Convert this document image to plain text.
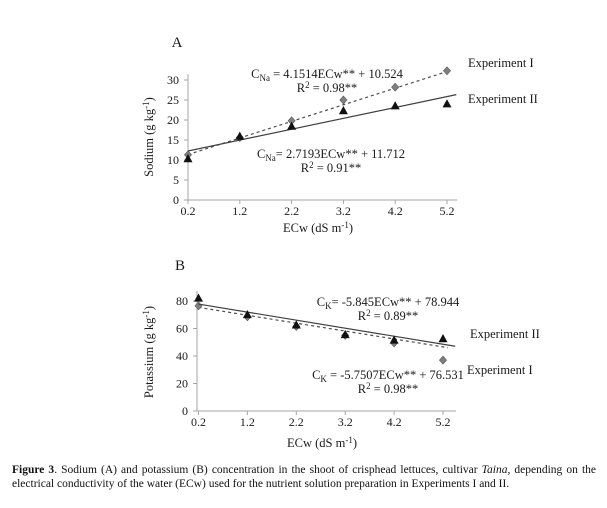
0
5
10
15
20
25
30
0.2	1.2	2.2	3.2	4.2	5.2
ECw (dS $m^{-1}$)
Sodium (g $kg^{-1}$)
A
$C_{Na} = 4.1514ECw** + 10.524$
$R^2 = 0.98**$
Experiment I
$C_{Na}= 2.7193ECw** + 11.712$
$R^2 = 0.91**$
Experiment II
0
20
40
60
80
0.2	1.2	2.2	3.2	4.2	5.2
ECw (dS $m^{-1}$)
Potassium (g $kg^{-1}$)
B
$C_K = -5.7507ECw** + 76.531$
$R^2 = 0.98**$
Experiment I
$C_K= -5.845ECw** + 78.944$
$R^2 = 0.89**$
Experiment II

Figure 3. Sodium (A) and potassium (B) concentration in the shoot of crisphead lettuces, cultivar Taina, depending on the electrical conductivity of the water (ECw) used for the nutrient solution preparation in Experiments I and II.
